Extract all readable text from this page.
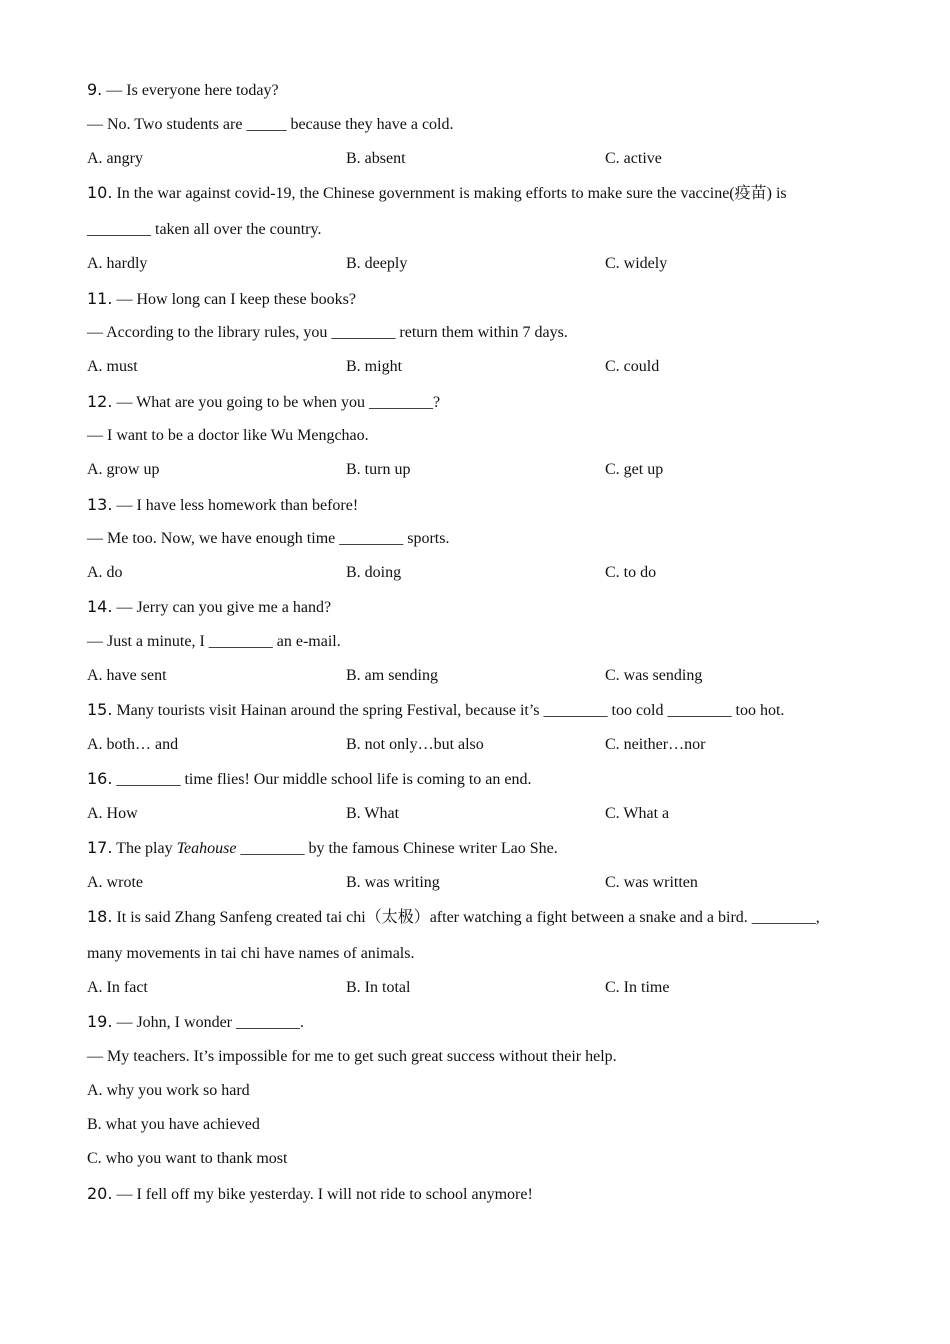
9. — Is everyone here today?
— No. Two students are _____ because they have a cold.
A. angry	B. absent	C. active
10. In the war against covid-19, the Chinese government is making efforts to make sure the vaccine(疫苗) is
________ taken all over the country.
A. hardly	B. deeply	C. widely
11. — How long can I keep these books?
— According to the library rules, you ________ return them within 7 days.
A. must	B. might	C. could
12. — What are you going to be when you ________?
— I want to be a doctor like Wu Mengchao.
A. grow up	B. turn up	C. get up
13. — I have less homework than before!
— Me too. Now, we have enough time ________ sports.
A. do	B. doing	C. to do
14. — Jerry can you give me a hand?
— Just a minute, I ________ an e-mail.
A. have sent	B. am sending	C. was sending
15. Many tourists visit Hainan around the spring Festival, because it’s ________ too cold ________ too hot.
A. both… and	B. not only…but also	C. neither…nor
16. ________ time flies! Our middle school life is coming to an end.
A. How	B. What	C. What a
17. The play Teahouse ________ by the famous Chinese writer Lao She.
A. wrote	B. was writing	C. was written
18. It is said Zhang Sanfeng created tai chi（太极）after watching a fight between a snake and a bird. ________,
many movements in tai chi have names of animals.
A. In fact	B. In total	C. In time
19. — John, I wonder ________.
— My teachers. It’s impossible for me to get such great success without their help.
A. why you work so hard
B. what you have achieved
C. who you want to thank most
20. — I fell off my bike yesterday. I will not ride to school anymore!
